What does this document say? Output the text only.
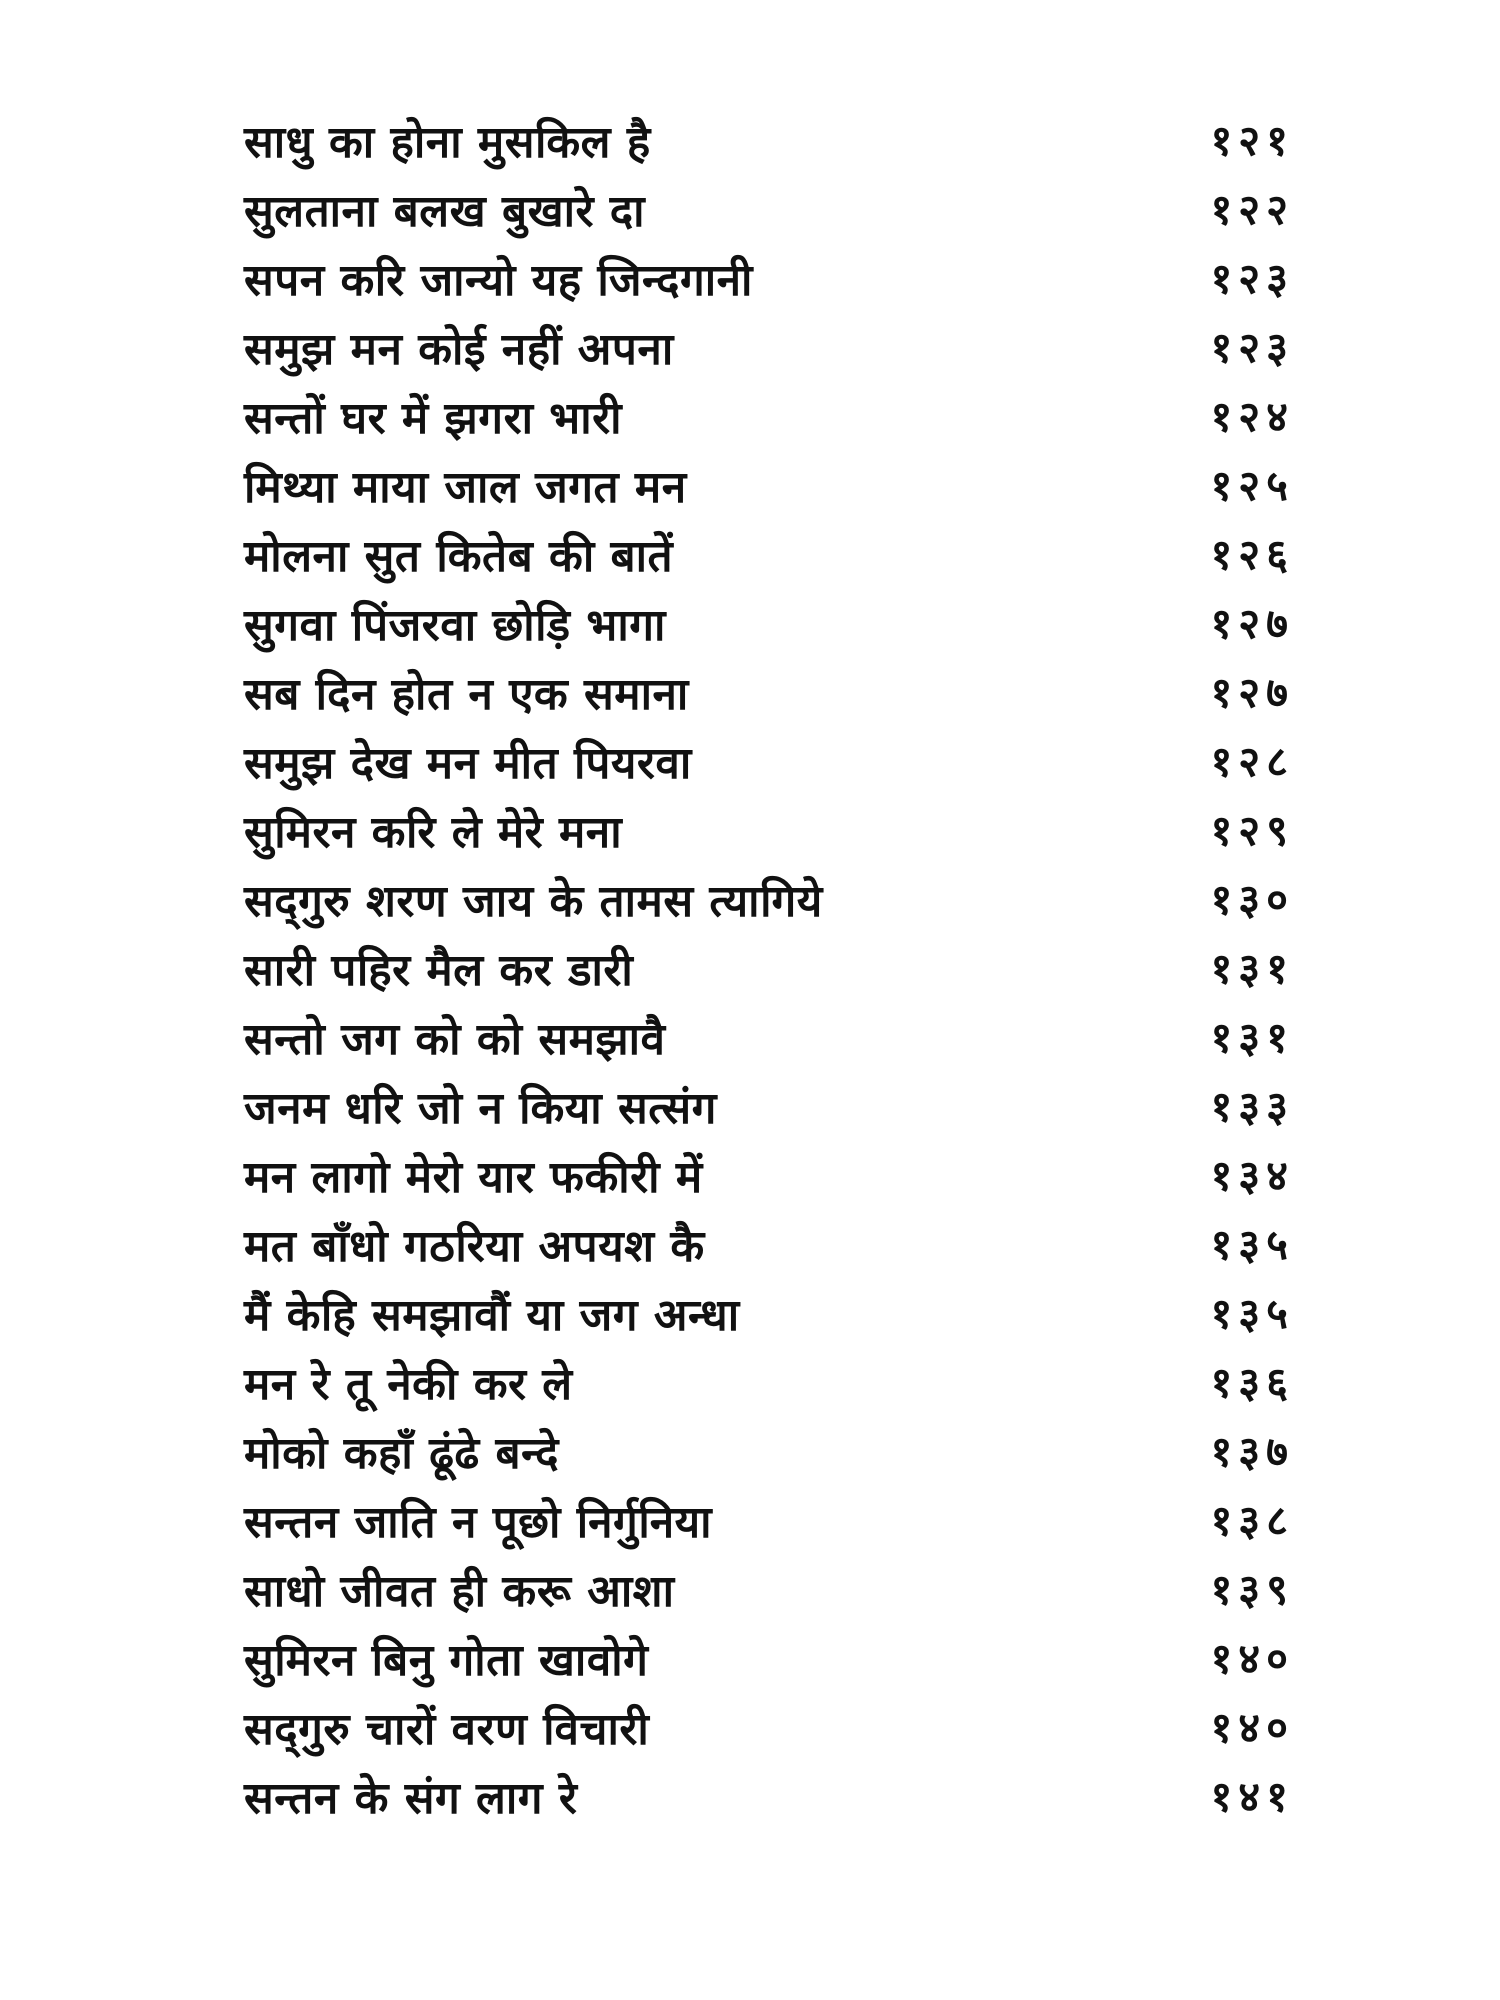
साधु का होना मुसकिल है	१२१
सुलताना बलख बुखारे दा	१२२
सपन करि जान्यो यह जिन्दगानी	१२३
समुझ मन कोई नहीं अपना	१२३
सन्तों घर में झगरा भारी	१२४
मिथ्या माया जाल जगत मन	१२५
मोलना सुत कितेब की बातें	१२६
सुगवा पिंजरवा छोड़ि भागा	१२७
सब दिन होत न एक समाना	१२७
समुझ देख मन मीत पियरवा	१२८
सुमिरन करि ले मेरे मना	१२९
सद्‌गुरु शरण जाय के तामस त्यागिये	१३०
सारी पहिर मैल कर डारी	१३१
सन्तो जग को को समझावै	१३१
जनम धरि जो न किया सत्संग	१३३
मन लागो मेरो यार फकीरी में	१३४
मत बाँधो गठरिया अपयश कै	१३५
मैं केहि समझावौं या जग अन्धा	१३५
मन रे तू नेकी कर ले	१३६
मोको कहाँ ढूंढे बन्दे	१३७
सन्तन जाति न पूछो निर्गुनिया	१३८
साधो जीवत ही करू आशा	१३९
सुमिरन बिनु गोता खावोगे	१४०
सद्‌गुरु चारों वरण विचारी	१४०
सन्तन के संग लाग रे	१४१
